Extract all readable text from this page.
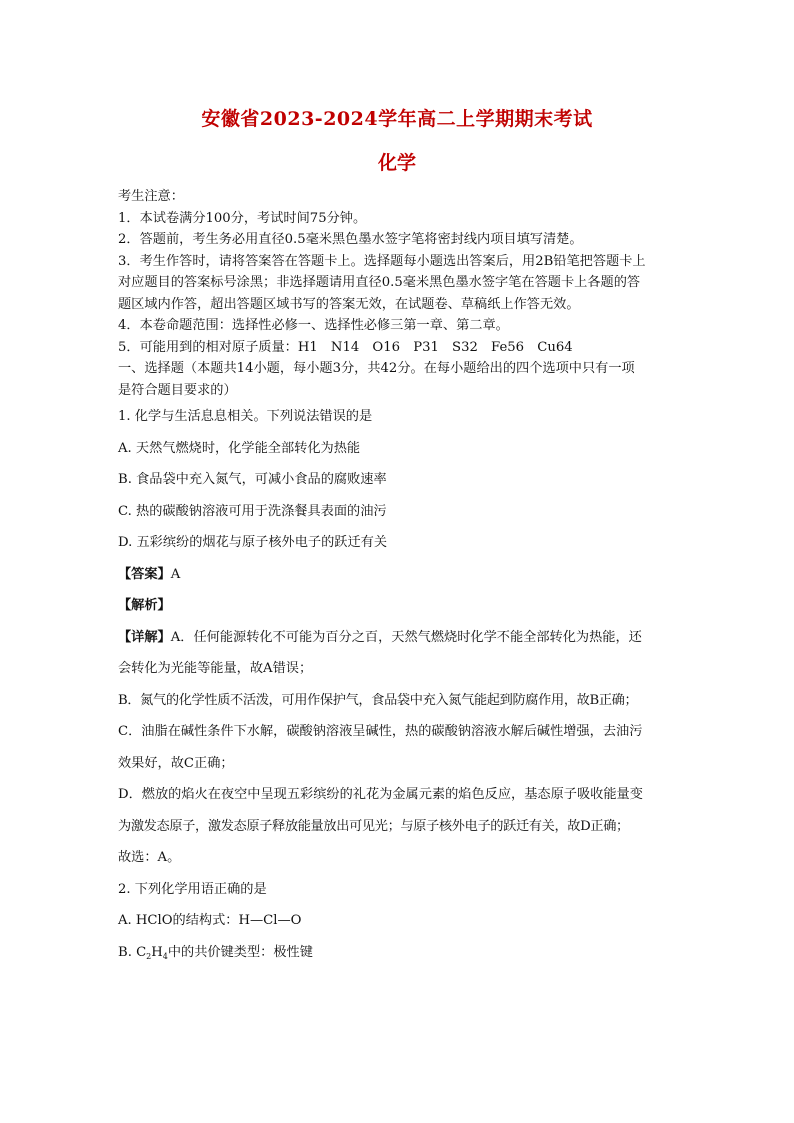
安徽省2023-2024学年高二上学期期末考试
化学
考生注意：
1．本试卷满分100分，考试时间75分钟。
2．答题前，考生务必用直径0.5毫米黑色墨水签字笔将密封线内项目填写清楚。
3．考生作答时，请将答案答在答题卡上。选择题每小题选出答案后，用2B铅笔把答题卡上
对应题目的答案标号涂黑；非选择题请用直径0.5毫米黑色墨水签字笔在答题卡上各题的答
题区域内作答，超出答题区域书写的答案无效，在试题卷、草稿纸上作答无效。
4．本卷命题范围：选择性必修一、选择性必修三第一章、第二章。
5．可能用到的相对原子质量：H1　N14　O16　P31　S32　Fe56　Cu64
一、选择题（本题共14小题，每小题3分，共42分。在每小题给出的四个选项中只有一项
是符合题目要求的）
1. 化学与生活息息相关。下列说法错误的是
A. 天然气燃烧时，化学能全部转化为热能
B. 食品袋中充入氮气，可减小食品的腐败速率
C. 热的碳酸钠溶液可用于洗涤餐具表面的油污
D. 五彩缤纷的烟花与原子核外电子的跃迁有关
【答案】A
【解析】
【详解】A．任何能源转化不可能为百分之百，天然气燃烧时化学不能全部转化为热能，还
会转化为光能等能量，故A错误；
B．氮气的化学性质不活泼，可用作保护气，食品袋中充入氮气能起到防腐作用，故B正确；
C．油脂在碱性条件下水解，碳酸钠溶液呈碱性，热的碳酸钠溶液水解后碱性增强，去油污
效果好，故C正确；
D．燃放的焰火在夜空中呈现五彩缤纷的礼花为金属元素的焰色反应，基态原子吸收能量变
为激发态原子，激发态原子释放能量放出可见光；与原子核外电子的跃迁有关，故D正确；
故选：A。
2. 下列化学用语正确的是
A. HClO的结构式：H—Cl—O
B. $C_2H_4$中的共价键类型：极性键
